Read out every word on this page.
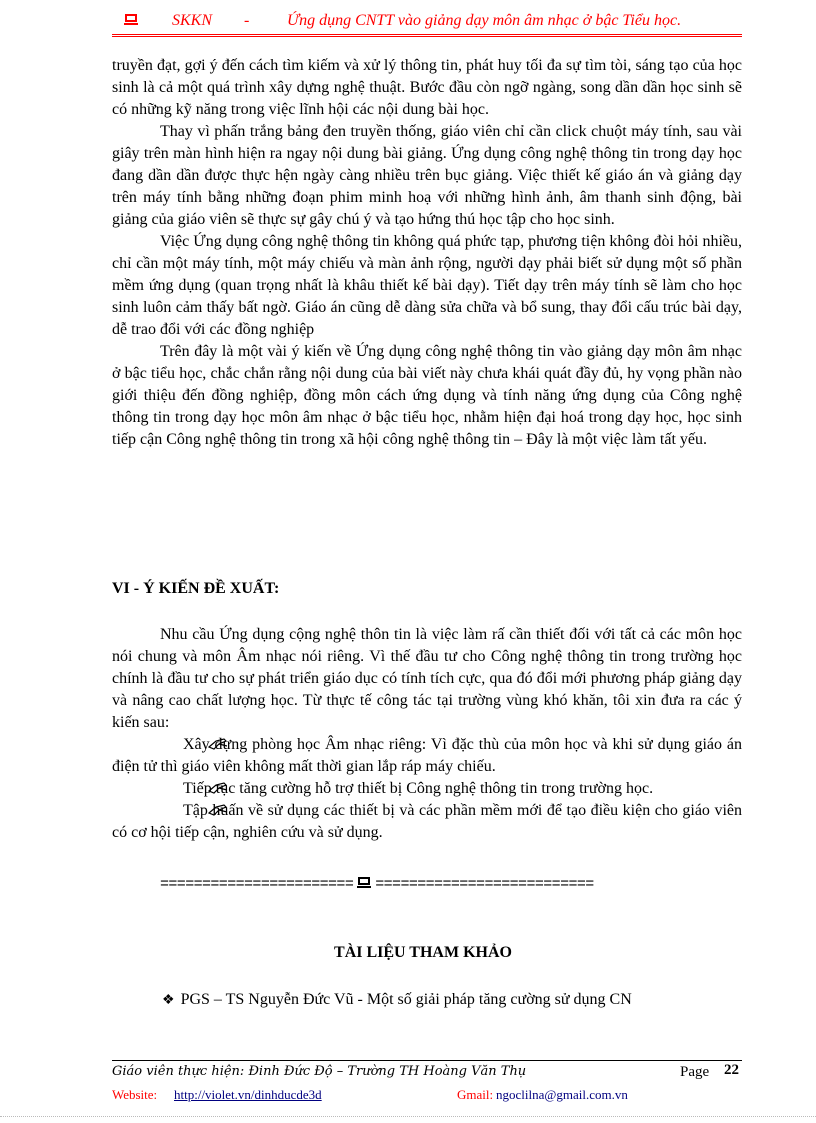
SKKN - Ứng dụng CNTT vào giảng dạy môn âm nhạc ở bậc Tiểu học.

truyền đạt, gợi ý đến cách tìm kiếm và xử lý thông tin, phát huy tối đa sự tìm tòi, sáng tạo của học sinh là cả một quá trình xây dựng nghệ thuật. Bước đầu còn ngỡ ngàng, song dần dần học sinh sẽ có những kỹ năng trong việc lĩnh hội các nội dung bài học.

Thay vì phấn trắng bảng đen truyền thống, giáo viên chỉ cần click chuột máy tính, sau vài giây trên màn hình hiện ra ngay nội dung bài giảng. Ứng dụng công nghệ thông tin trong dạy học đang dần dần được thực hện ngày càng nhiều trên bục giảng. Việc thiết kế giáo án và giảng dạy trên máy tính bằng những đoạn phim minh hoạ với những hình ảnh, âm thanh sinh động, bài giảng của giáo viên sẽ thực sự gây chú ý và tạo hứng thú học tập cho học sinh.

Việc Ứng dụng công nghệ thông tin không quá phức tạp, phương tiện không đòi hỏi nhiều, chỉ cần một máy tính, một máy chiếu và màn ảnh rộng, người dạy phải biết sử dụng một số phần mềm ứng dụng (quan trọng nhất là khâu thiết kế bài dạy). Tiết dạy trên máy tính sẽ làm cho học sinh luôn cảm thấy bất ngờ. Giáo án cũng dễ dàng sửa chữa và bổ sung, thay đổi cấu trúc bài dạy, dễ trao đổi với các đồng nghiệp

Trên đây là một vài ý kiến về Ứng dụng công nghệ thông tin vào giảng dạy môn âm nhạc ở bậc tiểu học, chắc chắn rằng nội dung của bài viết này chưa khái quát đầy đủ, hy vọng phần nào giới thiệu đến đồng nghiệp, đồng môn cách ứng dụng và tính năng ứng dụng của Công nghệ thông tin trong dạy học môn âm nhạc ở bậc tiểu học, nhằm hiện đại hoá trong dạy học, học sinh tiếp cận Công nghệ thông tin trong xã hội công nghệ thông tin – Đây là một việc làm tất yếu.

VI - Ý KIẾN ĐỀ XUẤT:

Nhu cầu Ứng dụng cộng nghệ thôn tin là việc làm rấ cần thiết đối với tất cả các môn học nói chung và môn Âm nhạc nói riêng. Vì thế đầu tư cho Công nghệ thông tin trong trường học chính là đầu tư cho sự phát triển giáo dục có tính tích cực, qua đó đổi mới phương pháp giảng dạy và nâng cao chất lượng học. Từ thực tế công tác tại trường vùng khó khăn, tôi xin đưa ra các ý kiến sau:

Xây dựng phòng học Âm nhạc riêng: Vì đặc thù của môn học và khi sử dụng giáo án điện tử thì giáo viên không mất thời gian lắp ráp máy chiếu.

Tiếp tục tăng cường hỗ trợ thiết bị Công nghệ thông tin trong trường học.

Tập huấn về sử dụng các thiết bị và các phần mềm mới để tạo điều kiện cho giáo viên có cơ hội tiếp cận, nghiên cứu và sử dụng.

======================= ==========================
TÀI LIỆU THAM KHẢO
❖ PGS – TS Nguyễn Đức Vũ - Một số giải pháp tăng cường sử dụng CN
Giáo viên thực hiện: Đinh Đức Độ – Trường TH Hoàng Văn Thụ	Page 22
Website: http://violet.vn/dinhducde3d	Gmail: ngoclilna@gmail.com.vn
